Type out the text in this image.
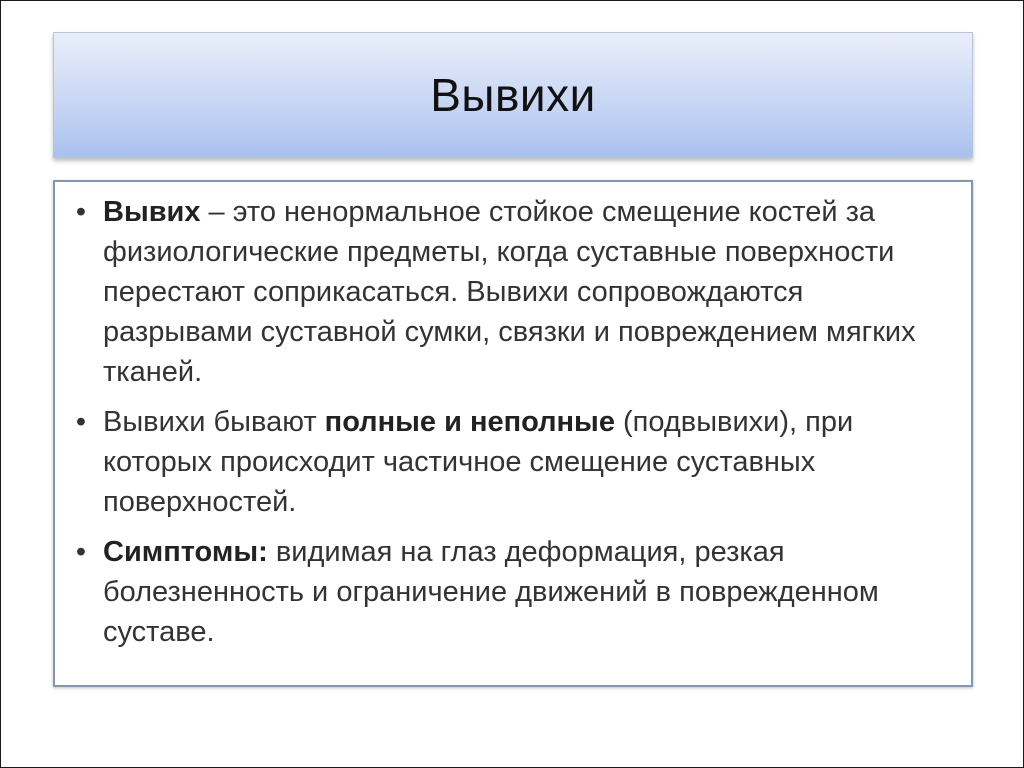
Вывихи
• Вывих – это ненормальное стойкое смещение костей за физиологические предметы, когда суставные поверхности перестают соприкасаться. Вывихи сопровождаются разрывами суставной сумки, связки и повреждением мягких тканей.
• Вывихи бывают полные и неполные (подвывихи), при которых происходит частичное смещение суставных поверхностей.
• Симптомы: видимая на глаз деформация, резкая болезненность и ограничение движений в поврежденном суставе.
